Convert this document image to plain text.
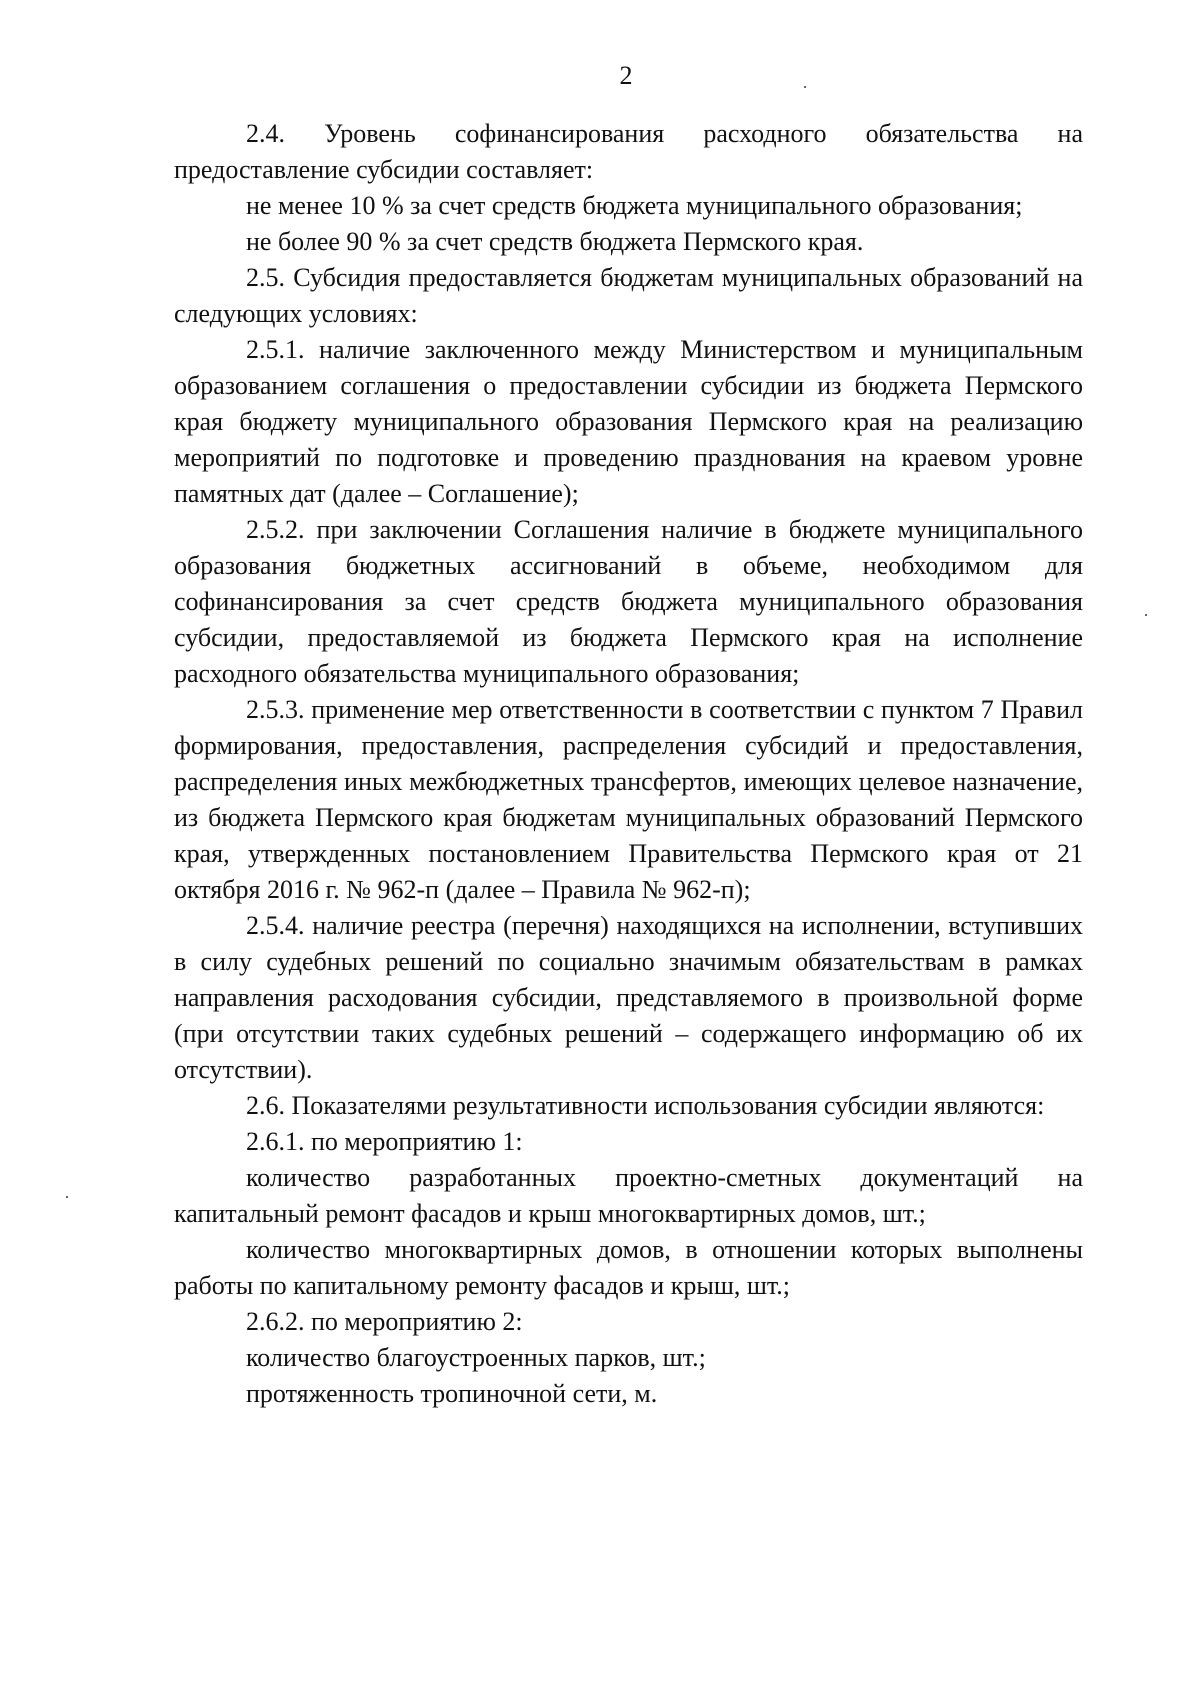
2

2.4. Уровень софинансирования расходного обязательства на предоставление субсидии составляет:

не менее 10 % за счет средств бюджета муниципального образования;

не более 90 % за счет средств бюджета Пермского края.

2.5. Субсидия предоставляется бюджетам муниципальных образований на следующих условиях:

2.5.1. наличие заключенного между Министерством и муниципальным образованием соглашения о предоставлении субсидии из бюджета Пермского края бюджету муниципального образования Пермского края на реализацию мероприятий по подготовке и проведению празднования на краевом уровне памятных дат (далее – Соглашение);

2.5.2. при заключении Соглашения наличие в бюджете муниципального образования бюджетных ассигнований в объеме, необходимом для софинансирования за счет средств бюджета муниципального образования субсидии, предоставляемой из бюджета Пермского края на исполнение расходного обязательства муниципального образования;

2.5.3. применение мер ответственности в соответствии с пунктом 7 Правил формирования, предоставления, распределения субсидий и предоставления, распределения иных межбюджетных трансфертов, имеющих целевое назначение, из бюджета Пермского края бюджетам муниципальных образований Пермского края, утвержденных постановлением Правительства Пермского края от 21 октября 2016 г. № 962-п (далее – Правила № 962-п);

2.5.4. наличие реестра (перечня) находящихся на исполнении, вступивших в силу судебных решений по социально значимым обязательствам в рамках направления расходования субсидии, представляемого в произвольной форме (при отсутствии таких судебных решений – содержащего информацию об их отсутствии).

2.6. Показателями результативности использования субсидии являются:

2.6.1. по мероприятию 1:

количество разработанных проектно-сметных документаций на капитальный ремонт фасадов и крыш многоквартирных домов, шт.;

количество многоквартирных домов, в отношении которых выполнены работы по капитальному ремонту фасадов и крыш, шт.;

2.6.2. по мероприятию 2:

количество благоустроенных парков, шт.;

протяженность тропиночной сети, м.
